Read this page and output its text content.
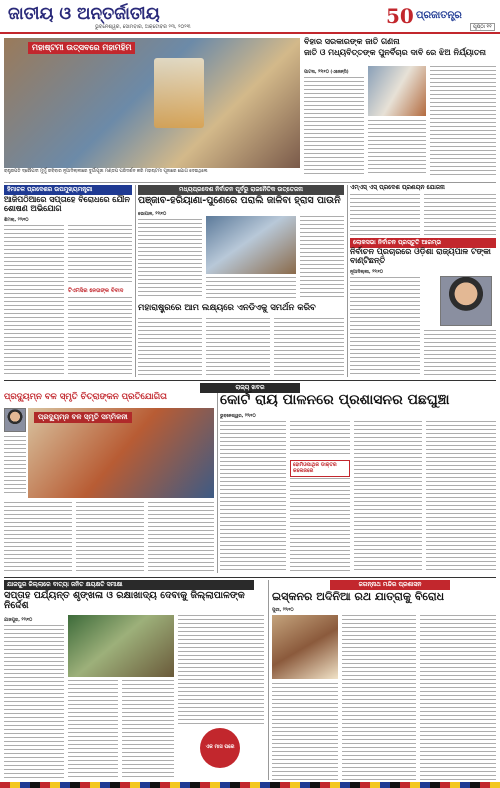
ଜାତୀୟ ଓ ଅନ୍ତର୍ଜାତୀୟ
ଭୁବନେଶ୍ୱର, ସୋମବାର, ଅକ୍ଟୋବର ୨୩, ୨୦୨୩	50 ପ୍ରଜାତନ୍ତ୍ର
ପୃଷ୍ଠା ୧୧
ମହାଷ୍ଟମୀ ଉତ୍ସବରେ ମହାମହିମ
ରାଷ୍ଟ୍ରପତି ଦ୍ରୌପଦୀ ମୁର୍ମୁ ରବିବାର ନୂଆଦିଲ୍ଲୀରେ ଦୁର୍ଗାପୂଜା ମଣ୍ଡପ ପରିଦର୍ଶନ କରି ମହାଷ୍ଟମୀ ପୂଜାରେ ଯୋଗ ଦେଇଥିଲେ
ବିହାର ସରକାରଙ୍କ ଜାତି ଗଣନା
ଜାତି ଓ ମଧ୍ୟବିତ୍ତଙ୍କ ପୁନର୍ବିଚାର ଦାବି ରେ ଝିଅ ନିର୍ଯ୍ୟାତନା
ପାଟନା, ୨୨ା୧୦ (ଏଜେନ୍ସି)
ହିମାଚଳ ପ୍ରଦେଶର ଉପମୁଖ୍ୟମନ୍ତ୍ରୀ
ଆଜିପଠିଆରେ ସପ୍ତାହେ ବିରୋଧରେ ଯୌନ ଶୋଷଣ ଅଭିଯୋଗ
ଶିମଲା, ୨୨ା୧୦
ଟିଏମସିର ନେତାଙ୍କ ବିବାଦ
ମଧ୍ୟପ୍ରଦେଶ ନିର୍ବାଚନ ପୂର୍ବରୁ ରାଜନୈତିକ ଉତ୍ତେଜନା
ପଞ୍ଜାବ-ହରିୟାଣା-ପୁଣେରେ ପରାଲି ଜାଳିବା ହ୍ରାସ ପାଉନି
ଭୋପାଳ, ୨୨ା୧୦
ମହାରାଷ୍ଟ୍ରରେ ଆମ ଲକ୍ଷ୍ୟରେ ଏନଡିଏକୁ ସମର୍ଥନ କରିବ
ଏମ୍‌ଏସ୍‌ ଏସ୍‌ ପ୍ରଦେଶ ପ୍ରଣୟନ ଯୋଜନା
ଲୋକସଭା ନିର୍ବାଚନ ପ୍ରସ୍ତୁତି ଆରମ୍ଭ
ନିର୍ବାଚନ ପ୍ରଚାରରେ ଓଡ଼ିଶା ରାଜ୍ୟପାଳ ଟଙ୍କା ବାଣ୍ଟିଛନ୍ତି
ନୂଆଦିଲ୍ଲୀ, ୨୨ା୧୦
ରାଜ୍ୟ ଖବର
ପ୍ରଦ୍ୟୁମ୍ନ ବଳ ସ୍ମୃତି ଚିତ୍ରାଙ୍କନ ପ୍ରତିଯୋଗିତା
ପ୍ରଦ୍ୟୁମ୍ନ ବଳ ସ୍ମୃତି ସମ୍ମିଳନୀ
କୋର୍ଟ ରାୟ ପାଳନରେ ପ୍ରଶାସନର ପଛଘୁଞ୍ଚା
ଭୁବନେଶ୍ୱର, ୨୨ା୧୦
ହୋମିଓପାଥିକ ଡାକ୍ତର କଲେଜରେ
ଯାଜପୁର ଜିଲ୍ଲାରେ ବାତ୍ୟା ଜନିତ କ୍ଷୟକ୍ଷତି ସମୀକ୍ଷା
ସପ୍ତାହ ପର୍ଯ୍ୟନ୍ତ ଶୃଙ୍ଖଳା ଓ ରକ୍ଷାଖାଦ୍ୟ ଦେବାକୁ ଜିଲ୍ଲାପାଳଙ୍କ ନିର୍ଦ୍ଦେଶ
ଯାଜପୁର, ୨୨ା୧୦
ଏକ ମାସ ପରେ
ଜଗନ୍ନାଥ ମନ୍ଦିର ପ୍ରଶାସନ
ଇସ୍କନର ଅଦିନିଆ ରଥ ଯାତ୍ରାକୁ ବିରୋଧ
ପୁରୀ, ୨୨ା୧୦
